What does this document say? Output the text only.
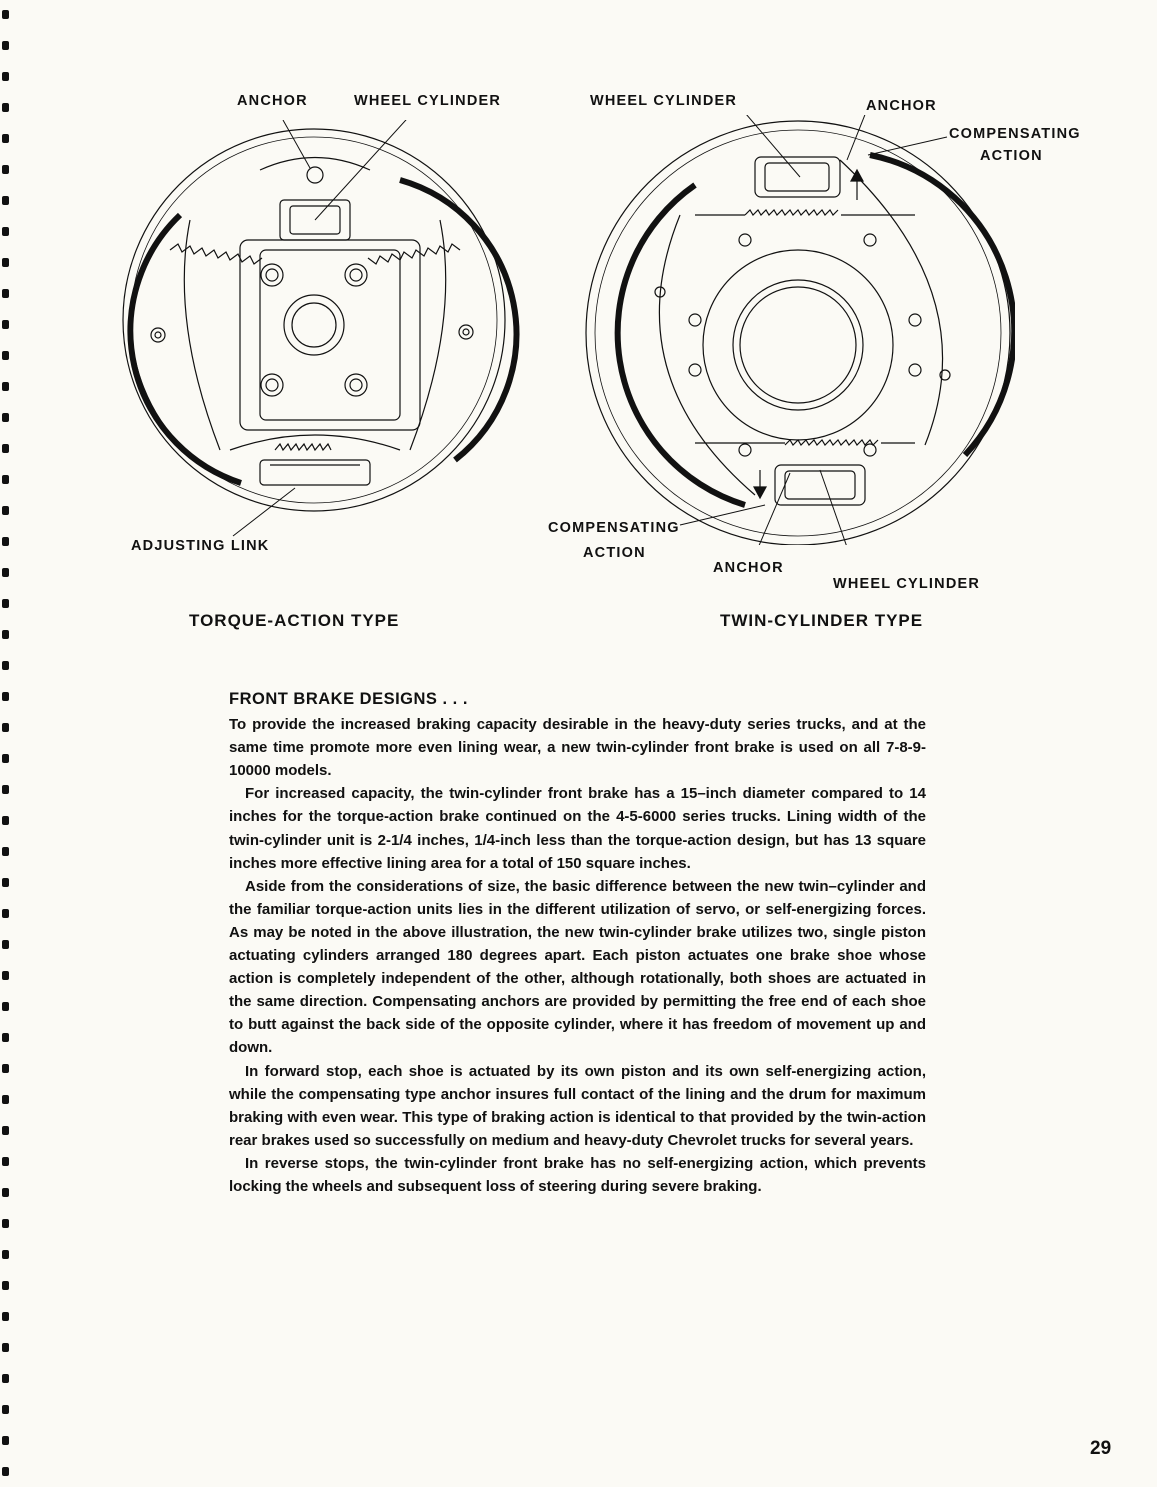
ANCHOR	WHEEL CYLINDER
ADJUSTING LINK
TORQUE-ACTION TYPE
WHEEL CYLINDER	ANCHOR
COMPENSATING
ACTION
COMPENSATING
ACTION
ANCHOR
WHEEL CYLINDER
TWIN-CYLINDER TYPE

FRONT BRAKE DESIGNS . . .

To provide the increased braking capacity desirable in the heavy-duty series trucks, and at the same time promote more even lining wear, a new twin-cylinder front brake is used on all 7-8-9-10000 models.

For increased capacity, the twin-cylinder front brake has a 15–inch diameter compared to 14 inches for the torque-action brake continued on the 4-5-6000 series trucks. Lining width of the twin-cylinder unit is 2-1/4 inches, 1/4-inch less than the torque-action design, but has 13 square inches more effective lining area for a total of 150 square inches.

Aside from the considerations of size, the basic difference between the new twin–cylinder and the familiar torque-action units lies in the different utilization of servo, or self-energizing forces. As may be noted in the above illustration, the new twin-cylinder brake utilizes two, single piston actuating cylinders arranged 180 degrees apart. Each piston actuates one brake shoe whose action is completely independent of the other, although rotationally, both shoes are actuated in the same direction. Compensating anchors are provided by permitting the free end of each shoe to butt against the back side of the opposite cylinder, where it has freedom of movement up and down.

In forward stop, each shoe is actuated by its own piston and its own self-energizing action, while the compensating type anchor insures full contact of the lining and the drum for maximum braking with even wear. This type of braking action is identical to that provided by the twin-action rear brakes used so successfully on medium and heavy-duty Chevrolet trucks for several years.

In reverse stops, the twin-cylinder front brake has no self-energizing action, which prevents locking the wheels and subsequent loss of steering during severe braking.

29
